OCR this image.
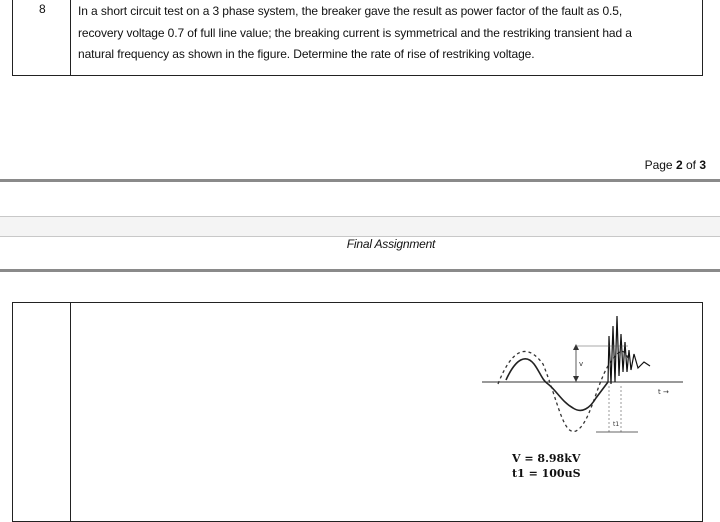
8	In a short circuit test on a 3 phase system, the breaker gave the result as power factor of the fault as 0.5,
recovery voltage 0.7 of full line value; the breaking current is symmetrical and the restriking transient had a
natural frequency as shown in the figure. Determine the rate of rise of restriking voltage.
Page 2 of 3
Final Assignment
v
t1
t →
V = 8.98kV
t1 = 100uS
